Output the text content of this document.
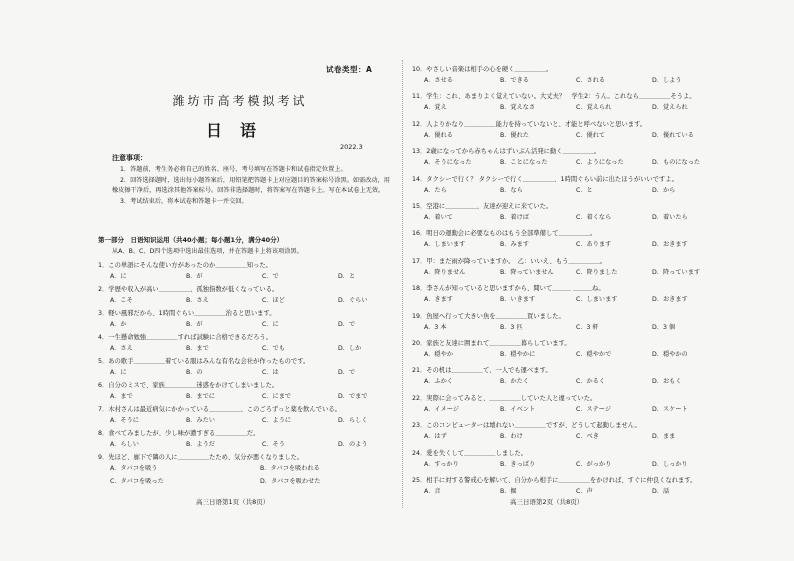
试卷类型：A
潍坊市高考模拟考试
日语
2022.3
注意事项：

1．答题前，考生务必将自己的姓名、座号、考号填写在答题卡和试卷指定位置上。

2．回答选择题时，选出每小题答案后，用铅笔把答题卡上对应题目的答案标号涂黑。如需改动，用橡皮擦干净后，再选涂其他答案标号。回答非选择题时，将答案写在答题卡上。写在本试卷上无效。

3．考试结束后，将本试卷和答题卡一并交回。

第一部分　日语知识运用（共40小题；每小题1分，满分40分）
从A、B、C、D四个选项中选出最佳选项，并在答题卡上将该项涂黑。
1．この単語にそんな使い方があったのか＿＿＿＿＿知った。
A．に	B．が	C．で	D．と
2．学歴や収入が高い＿＿＿＿＿、孤独指数が低くなっている。
A．こそ	B．さえ	C．ほど	D．ぐらい
3．軽い風邪だから、1時間ぐらい＿＿＿＿＿治ると思います。
A．か	B．が	C．に	D．で
4．一生懸命勉強＿＿＿＿＿すれば試験に合格できるだろう。
A．さえ	B．まで	C．でも	D．しか
5．あの歌手＿＿＿＿＿着ている服はみんな有名な会社が作ったものです。
A．に	B．の	C．は	D．で
6．自分のミスで、家族＿＿＿＿＿迷惑をかけてしまいました。
A．まで	B．までに	C．にまで	D．でまで
7．木村さんは最近病気にかかっている＿＿＿＿＿、このごろずっと薬を飲んでいる。
A．そうに	B．みたい	C．ように	D．らしく
8．食べてみましたが、少し味が濃すぎる＿＿＿＿＿だ。
A．らしい	B．ようだ	C．そう	D．のよう
9．先ほど、廊下で隣の人に＿＿＿＿＿たため、気分が悪くなりました。
A．タバコを吸う	B．タバコを吸われる
C．タバコを吸った	D．タバコを吸わせた
10．やさしい音楽は相手の心を硬く＿＿＿＿＿。
A．させる	B．できる	C．される	D．しよう
11．学生：これ、あまりよく覚えていない。大丈夫？　学生2：うん。これなら＿＿＿＿＿そうよ。
A．覚え	B．覚えなさ	C．覚えられ	D．覚えられ
12．人よりかなり＿＿＿＿＿能力を持っていないと、才能と呼べないと思います。
A．優れる	B．優れた	C．優れて	D．優れている
13．2歳になってから赤ちゃんはずいぶん活発に動く＿＿＿＿＿。
A．そうになった	B．ことになった	C．ようになった	D．ものになった
14．タクシーで行く？ タクシーで行く＿＿＿＿＿、1時間ぐらい前に出たほうがいいですよ。
A．たら	B．なら	C．と	D．から
15．空港に＿＿＿＿＿、友達が迎えに来ていた。
A．着いて	B．着けば	C．着くなら	D．着いたら
16．明日の運動会に必要なものはもう全部準備して＿＿＿＿＿。
A．しまいます	B．みます	C．あります	D．おきます
17．甲：まだ雨が降っていますか。　乙：いいえ、もう＿＿＿＿＿。
A．降りません	B．降っていません	C．降りました	D．降っています
18．李さんが知っていると思いますから、聞いて＿＿＿ ＿＿＿ね。
A．きます	B．いきます	C．しまいます	D．おきます
19．魚屋へ行って大きい魚を＿＿＿＿＿買いました。
A．3 本	B．3 匹	C．3 軒	D．3 個
20．家族と友達に囲まれて＿＿＿＿＿暮らしています。
A．穏やか	B．穏やかに	C．穏やかで	D．穏やかの
21．その机は＿＿＿＿＿て、一人でも運べます。
A．ふかく	B．かたく	C．かるく	D．おもく
22．実際に会ってみると、＿＿＿＿＿していた人と違っていた。
A．イメージ	B．イベント	C．ステージ	D．スケート
23．このコンピューターは壊れない＿＿＿＿＿ですが、どうして起動しません。
A．はず	B．わけ	C．べき	D．まま
24．愛を失くして＿＿＿＿＿しました。
A．すっかり	B．きっぱり	C．がっかり	D．しっかり
25．相手に対する警戒心を解いて、自分から相手に＿＿＿＿＿をかければ、すぐに仲良くなれます。
A．音	B．掘	C．声	D．話
高三日语第1页（共8页）	高三日语第2页（共8页）
